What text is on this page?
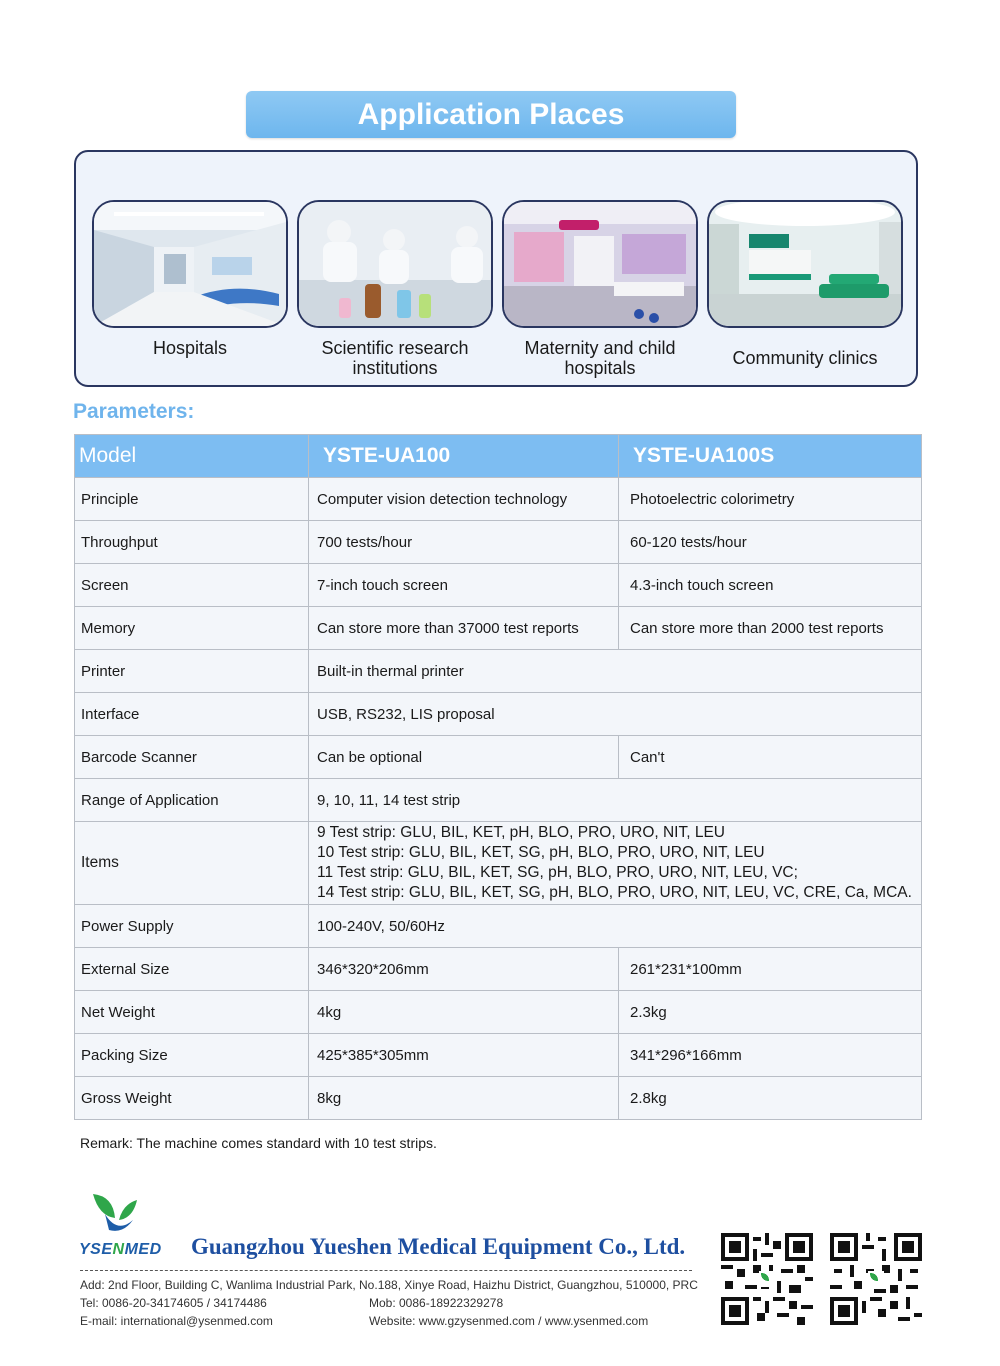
Application Places
Hospitals	Scientific research
institutions
Maternity and child
hospitals	Community clinics
Parameters:
Model	YSTE-UA100	YSTE-UA100S
Principle	Computer vision detection technology	Photoelectric colorimetry
Throughput	700 tests/hour	60-120 tests/hour
Screen	7-inch touch screen	4.3-inch touch screen
Memory	Can store more than 37000 test reports	Can store more than 2000 test reports
Printer	Built-in thermal printer	
Interface	USB, RS232, LIS proposal	
Barcode Scanner	Can be optional	Can't
Range of Application	9, 10, 11, 14 test strip	
Items	9 Test strip: GLU, BIL, KET, pH, BLO, PRO, URO, NIT, LEU
10 Test strip: GLU, BIL, KET, SG, pH, BLO, PRO, URO, NIT, LEU
11 Test strip: GLU, BIL, KET, SG, pH, BLO, PRO, URO, NIT, LEU, VC;
14 Test strip: GLU, BIL, KET, SG, pH, BLO, PRO, URO, NIT, LEU, VC, CRE, Ca, MCA.	

Power Supply	100-240V, 50/60Hz	
External Size	346*320*206mm	261*231*100mm
Net Weight	4kg	2.3kg
Packing Size	425*385*305mm	341*296*166mm
Gross Weight	8kg	2.8kg
Remark: The machine comes standard with 10 test strips.
YSENMED Guangzhou Yueshen Medical Equipment Co., Ltd.
Add: 2nd Floor, Building C, Wanlima Industrial Park, No.188, Xinye Road, Haizhu District, Guangzhou, 510000, PRC
Tel: 0086-20-34174605 / 34174486	Mob: 0086-18922329278
E-mail: international@ysenmed.com	Website: www.gzysenmed.com / www.ysenmed.com
